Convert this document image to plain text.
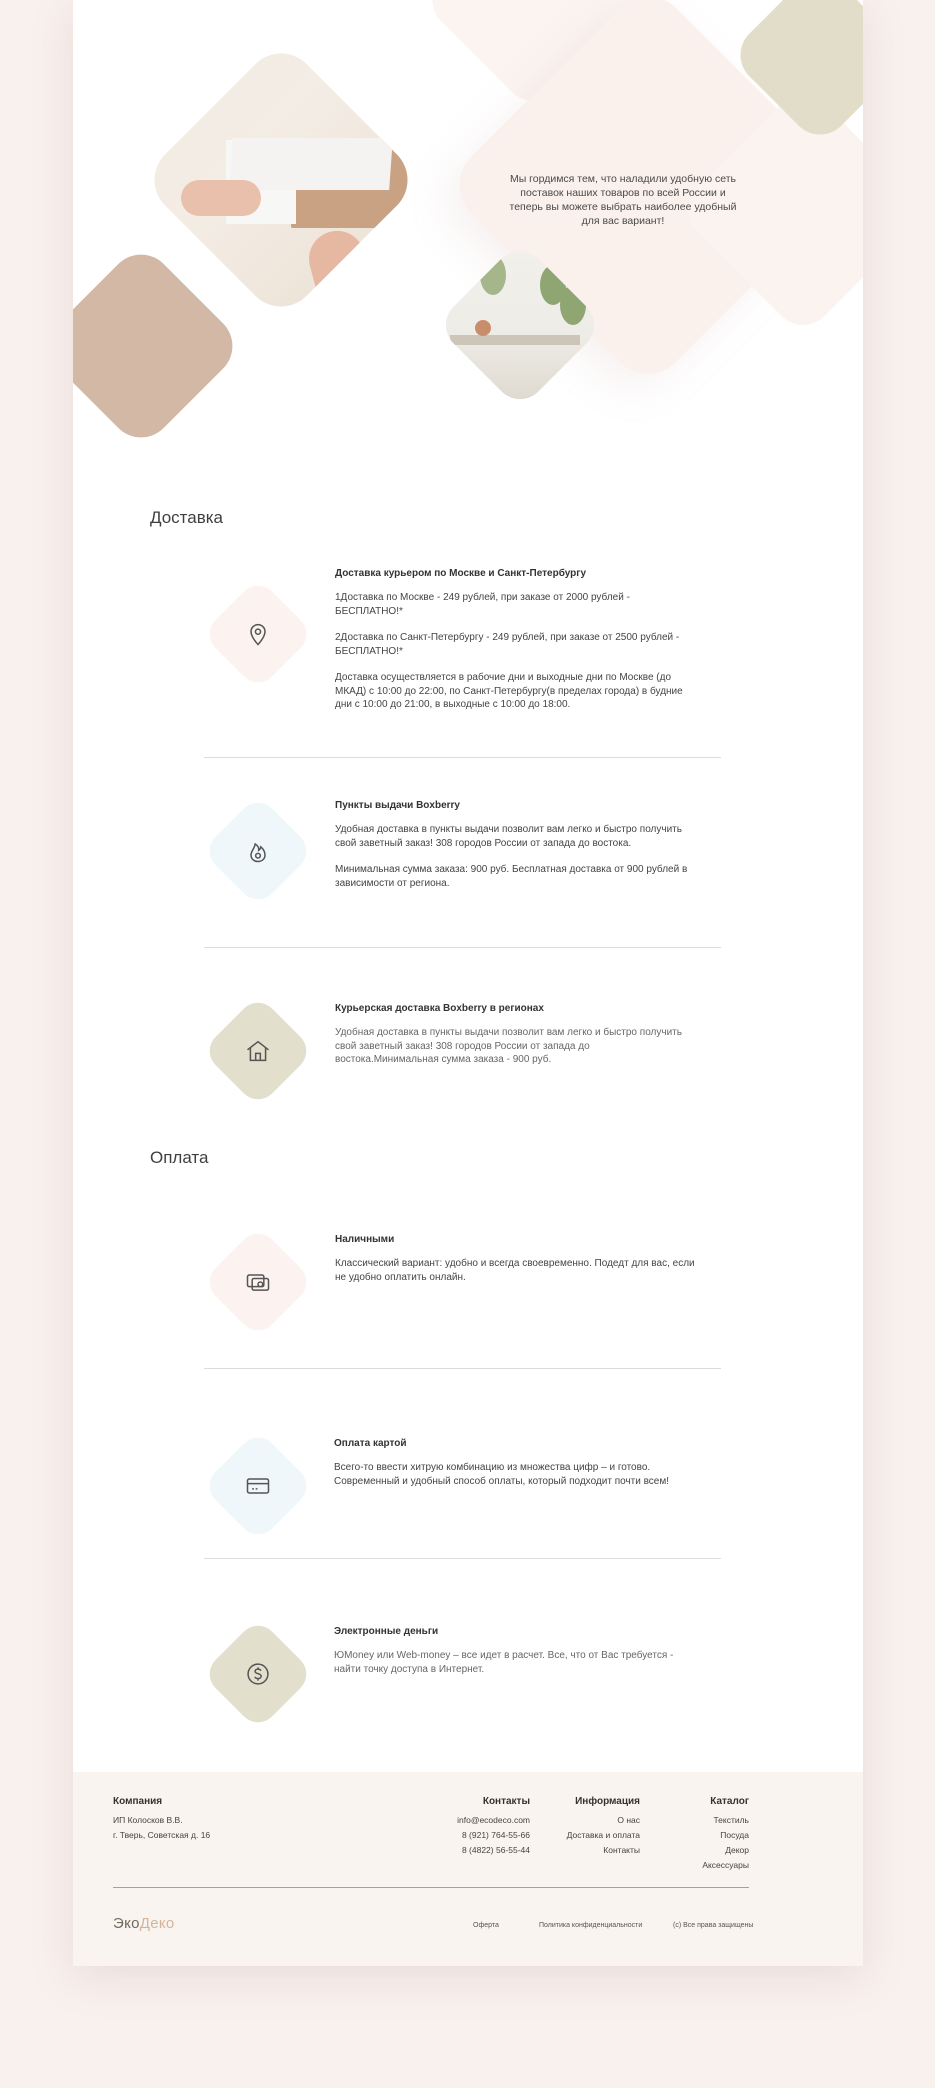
Мы гордимся тем, что наладили удобную сеть поставок наших товаров по всей России и теперь вы можете выбрать наиболее удобный для вас вариант!
Доставка
Доставка курьером по Москве и Санкт-Петербургу

1Доставка по Москве - 249 рублей, при заказе от 2000 рублей - БЕСПЛАТНО!*

2Доставка по Санкт-Петербургу - 249 рублей, при заказе от 2500 рублей - БЕСПЛАТНО!*

Доставка осуществляется в рабочие дни и выходные дни по Москве (до МКАД) с 10:00 до 22:00, по Санкт-Петербургу(в пределах города) в будние дни с 10:00 до 21:00, в выходные с 10:00 до 18:00.

Пункты выдачи Boxberry

Удобная доставка в пункты выдачи позволит вам легко и быстро получить свой заветный заказ! 308 городов России от запада до востока.

Минимальная сумма заказа: 900 руб. Бесплатная доставка от 900 рублей в зависимости от региона.

Курьерская доставка Boxberry в регионах

Удобная доставка в пункты выдачи позволит вам легко и быстро получить свой заветный заказ! 308 городов России от запада до востока.Минимальная сумма заказа - 900 руб.

Оплата
Наличными

Классический вариант: удобно и всегда своевременно. Подедт для вас, если не удобно оплатить онлайн.

Оплата картой

Всего-то ввести хитрую комбинацию из множества цифр – и готово. Современный и удобный способ оплаты, который подходит почти всем!

Электронные деньги

ЮMoney или Web-money – все идет в расчет. Все, что от Вас требуется - найти точку доступа в Интернет.

Компания
ИП Колосков В.В.
г. Тверь, Советская д. 16
Контакты
info@ecodeco.com
8 (921) 764-55-66
8 (4822) 56-55-44
Информация
О нас
Доставка и оплата
Контакты
Каталог
Текстиль
Посуда
Декор
Аксессуары
ЭкоДеко	Оферта	Политика конфиденциальности	(c) Все права защищены
